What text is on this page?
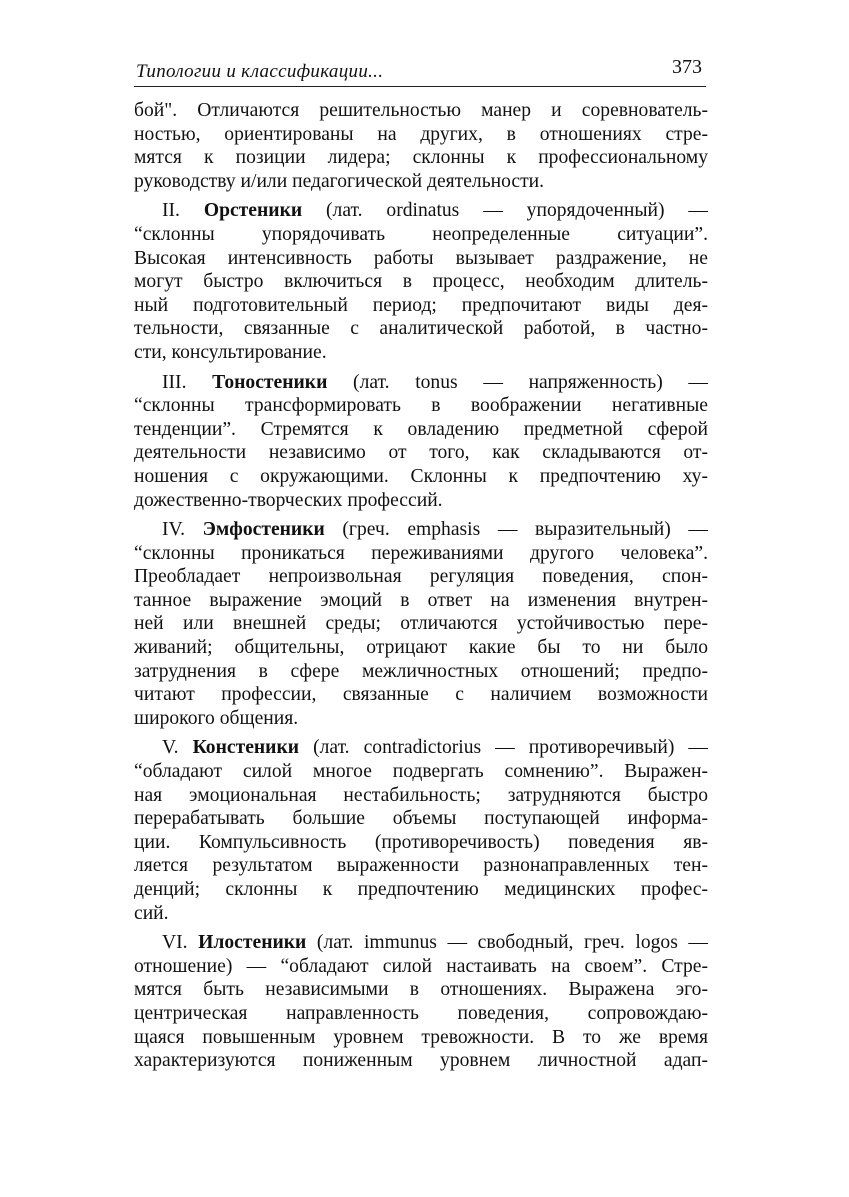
Типологии и классификации...	373
бой". Отличаются решительностью манер и соревнователь-
ностью, ориентированы на других, в отношениях стре-
мятся к позиции лидера; склонны к профессиональному
руководству и/или педагогической деятельности.
II. Орстеники (лат. ordinatus — упорядоченный) —
“склонны упорядочивать неопределенные ситуации”.
Высокая интенсивность работы вызывает раздражение, не
могут быстро включиться в процесс, необходим длитель-
ный подготовительный период; предпочитают виды дея-
тельности, связанные с аналитической работой, в частно-
сти, консультирование.
III. Тоностеники (лат. tonus — напряженность) —
“склонны трансформировать в воображении негативные
тенденции”. Стремятся к овладению предметной сферой
деятельности независимо от того, как складываются от-
ношения с окружающими. Склонны к предпочтению ху-
дожественно-творческих профессий.
IV. Эмфостеники (греч. emphasis — выразительный) —
“склонны проникаться переживаниями другого человека”.
Преобладает непроизвольная регуляция поведения, спон-
танное выражение эмоций в ответ на изменения внутрен-
ней или внешней среды; отличаются устойчивостью пере-
живаний; общительны, отрицают какие бы то ни было
затруднения в сфере межличностных отношений; предпо-
читают профессии, связанные с наличием возможности
широкого общения.
V. Констеники (лат. contradictorius — противоречивый) —
“обладают силой многое подвергать сомнению”. Выражен-
ная эмоциональная нестабильность; затрудняются быстро
перерабатывать большие объемы поступающей информа-
ции. Компульсивность (противоречивость) поведения яв-
ляется результатом выраженности разнонаправленных тен-
денций; склонны к предпочтению медицинских профес-
сий.
VI. Илостеники (лат. immunus — свободный, греч. logos —
отношение) — “обладают силой настаивать на своем”. Стре-
мятся быть независимыми в отношениях. Выражена эго-
центрическая направленность поведения, сопровождаю-
щаяся повышенным уровнем тревожности. В то же время
характеризуются пониженным уровнем личностной адап-
